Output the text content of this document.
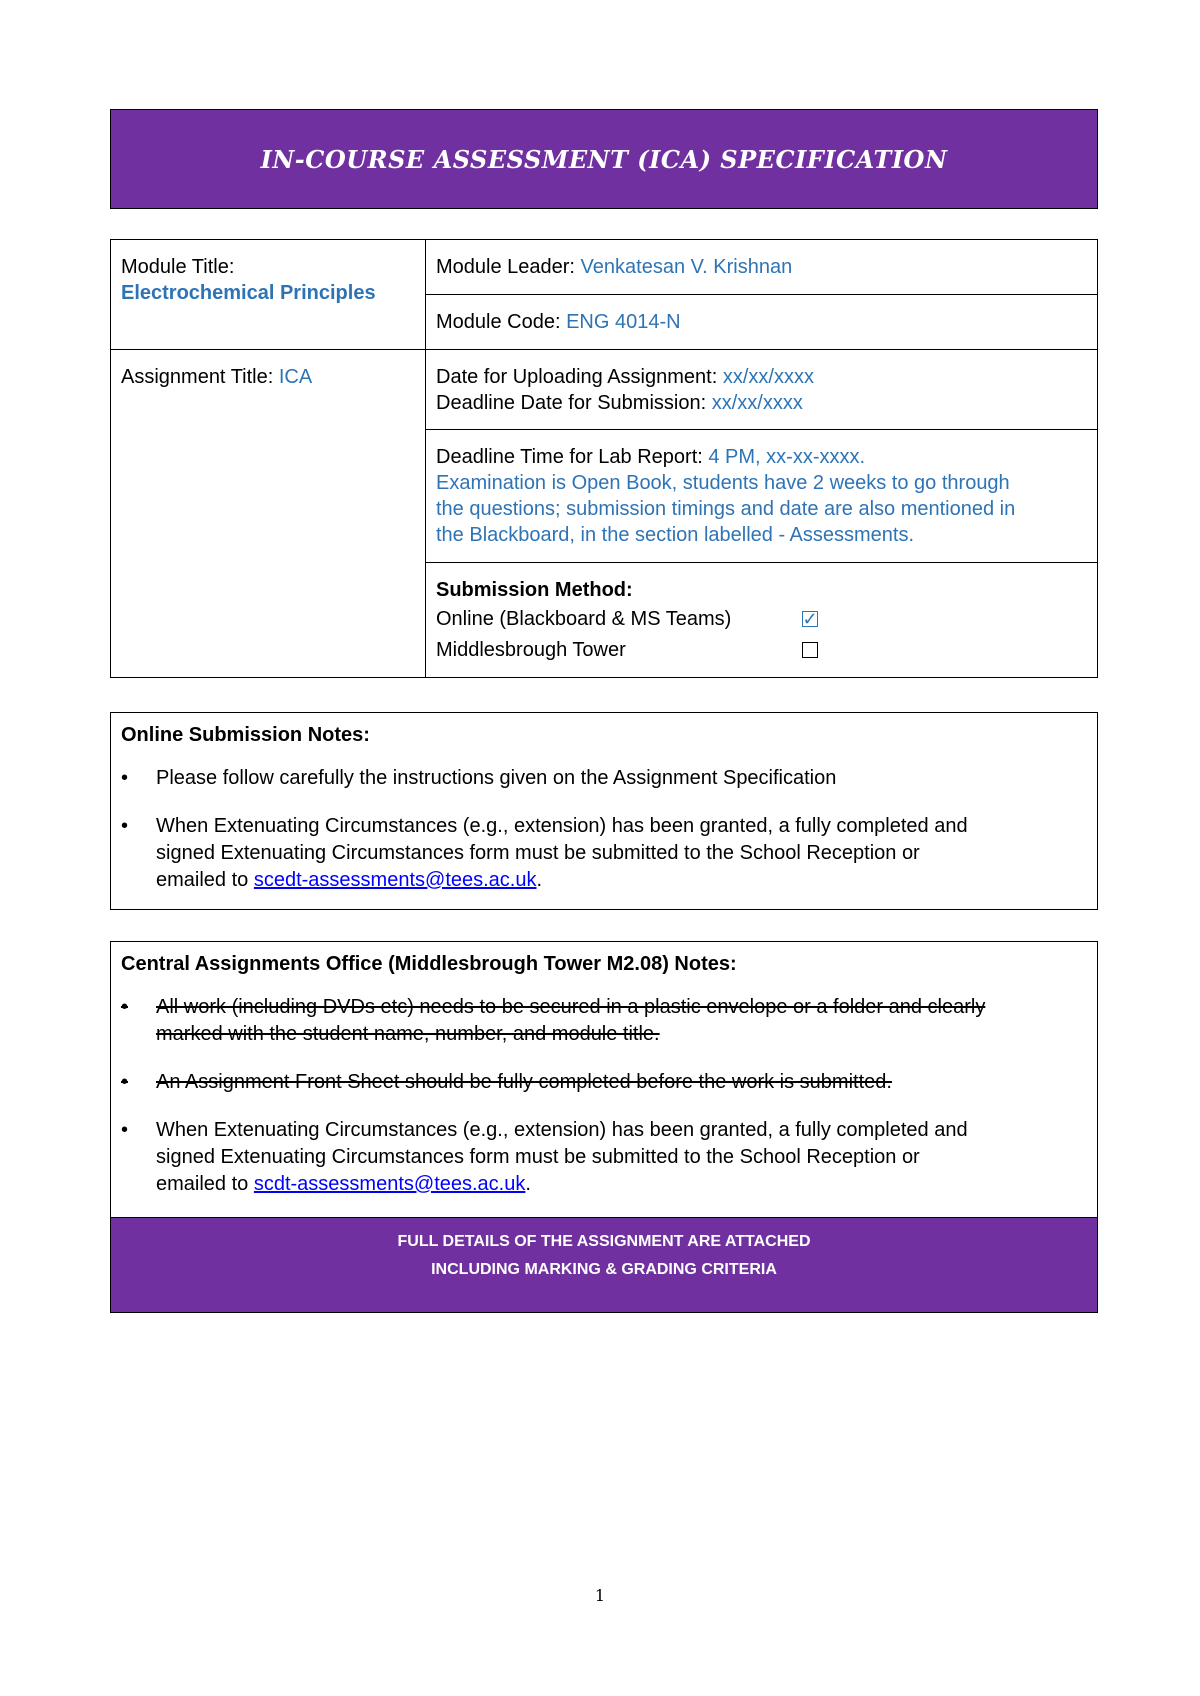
IN-COURSE ASSESSMENT (ICA) SPECIFICATION
Module Title:
Electrochemical Principles	Module Leader: Venkatesan V. Krishnan
	Module Code: ENG 4014-N
Assignment Title: ICA	Date for Uploading Assignment: xx/xx/xxxx
Deadline Date for Submission: xx/xx/xxxx

	Deadline Time for Lab Report: 4 PM, xx-xx-xxxx.
Examination is Open Book, students have 2 weeks to go through
the questions; submission timings and date are also mentioned in
the Blackboard, in the section labelled - Assessments.

	Submission Method:
Online (Blackboard & MS Teams) ✓
Middlesbrough Tower
Online Submission Notes:
•	Please follow carefully the instructions given on the Assignment Specification
•	When Extenuating Circumstances (e.g., extension) has been granted, a fully completed and
signed Extenuating Circumstances form must be submitted to the School Reception or
emailed to scedt-assessments@tees.ac.uk.
Central Assignments Office (Middlesbrough Tower M2.08) Notes:
•	All work (including DVDs etc) needs to be secured in a plastic envelope or a folder and clearly
marked with the student name, number, and module title.
•	An Assignment Front Sheet should be fully completed before the work is submitted.
•	When Extenuating Circumstances (e.g., extension) has been granted, a fully completed and
signed Extenuating Circumstances form must be submitted to the School Reception or
emailed to scdt-assessments@tees.ac.uk.
FULL DETAILS OF THE ASSIGNMENT ARE ATTACHED
INCLUDING MARKING & GRADING CRITERIA
1
